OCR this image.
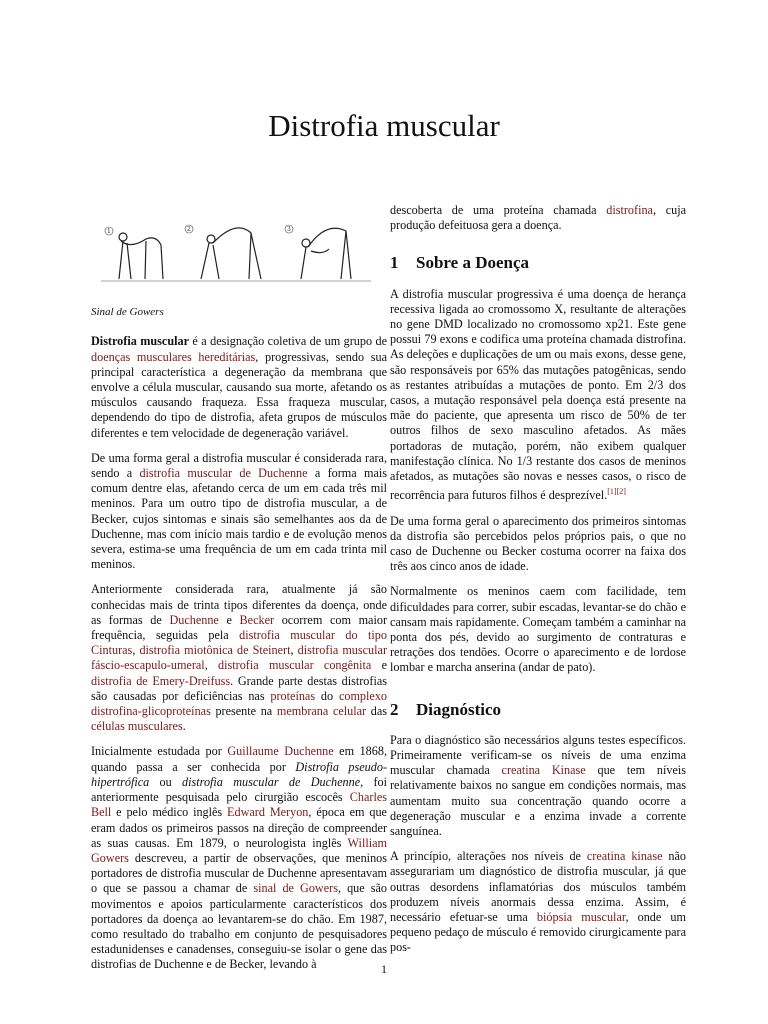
Distrofia muscular
1	2	3
Sinal de Gowers

Distrofia muscular é a designação coletiva de um grupo de doenças musculares hereditárias, progressivas, sendo sua principal característica a degeneração da membrana que envolve a célula muscular, causando sua morte, afetando os músculos causando fraqueza. Essa fraqueza muscular, dependendo do tipo de distrofia, afeta grupos de músculos diferentes e tem velocidade de degeneração variável.

De uma forma geral a distrofia muscular é considerada rara, sendo a distrofia muscular de Duchenne a forma mais comum dentre elas, afetando cerca de um em cada três mil meninos. Para um outro tipo de distrofia muscular, a de Becker, cujos sintomas e sinais são semelhantes aos da de Duchenne, mas com início mais tardio e de evolução menos severa, estima-se uma frequência de um em cada trinta mil meninos.

Anteriormente considerada rara, atualmente já são conhecidas mais de trinta tipos diferentes da doença, onde as formas de Duchenne e Becker ocorrem com maior frequência, seguidas pela distrofia muscular do tipo Cinturas, distrofia miotônica de Steinert, distrofia muscular fáscio-escapulo-umeral, distrofia muscular congênita e distrofia de Emery-Dreifuss. Grande parte destas distrofias são causadas por deficiências nas proteínas do complexo distrofina-glicoproteínas presente na membrana celular das células musculares.

Inicialmente estudada por Guillaume Duchenne em 1868, quando passa a ser conhecida por Distrofia pseudo-hipertrófica ou distrofia muscular de Duchenne, foi anteriormente pesquisada pelo cirurgião escocês Charles Bell e pelo médico inglês Edward Meryon, época em que eram dados os primeiros passos na direção de compreender as suas causas. Em 1879, o neurologista inglês William Gowers descreveu, a partir de observações, que meninos portadores de distrofia muscular de Duchenne apresentavam o que se passou a chamar de sinal de Gowers, que são movimentos e apoios particularmente característicos dos portadores da doença ao levantarem-se do chão. Em 1987, como resultado do trabalho em conjunto de pesquisadores estadunidenses e canadenses, conseguiu-se isolar o gene das distrofias de Duchenne e de Becker, levando à

descoberta de uma proteína chamada distrofina, cuja produção defeituosa gera a doença.

1 Sobre a Doença

A distrofia muscular progressiva é uma doença de herança recessiva ligada ao cromossomo X, resultante de alterações no gene DMD localizado no cromossomo xp21. Este gene possui 79 exons e codifica uma proteína chamada distrofina. As deleções e duplicações de um ou mais exons, desse gene, são responsáveis por 65% das mutações patogênicas, sendo as restantes atribuídas a mutações de ponto. Em 2/3 dos casos, a mutação responsável pela doença está presente na mãe do paciente, que apresenta um risco de 50% de ter outros filhos de sexo masculino afetados. As mães portadoras de mutação, porém, não exibem qualquer manifestação clínica. No 1/3 restante dos casos de meninos afetados, as mutações são novas e nesses casos, o risco de recorrência para futuros filhos é desprezível.[1][2]

De uma forma geral o aparecimento dos primeiros sintomas da distrofia são percebidos pelos próprios pais, o que no caso de Duchenne ou Becker costuma ocorrer na faixa dos três aos cinco anos de idade.

Normalmente os meninos caem com facilidade, tem dificuldades para correr, subir escadas, levantar-se do chão e cansam mais rapidamente. Começam também a caminhar na ponta dos pés, devido ao surgimento de contraturas e retrações dos tendões. Ocorre o aparecimento e de lordose lombar e marcha anserina (andar de pato).

2 Diagnóstico

Para o diagnóstico são necessários alguns testes específicos. Primeiramente verificam-se os níveis de uma enzima muscular chamada creatina Kinase que tem níveis relativamente baixos no sangue em condições normais, mas aumentam muito sua concentração quando ocorre a degeneração muscular e a enzima invade a corrente sanguínea.

A princípio, alterações nos níveis de creatina kinase não assegurariam um diagnóstico de distrofia muscular, já que outras desordens inflamatórias dos músculos também produzem níveis anormais dessa enzima. Assim, é necessário efetuar-se uma biópsia muscular, onde um pequeno pedaço de músculo é removido cirurgicamente para pos-

1
